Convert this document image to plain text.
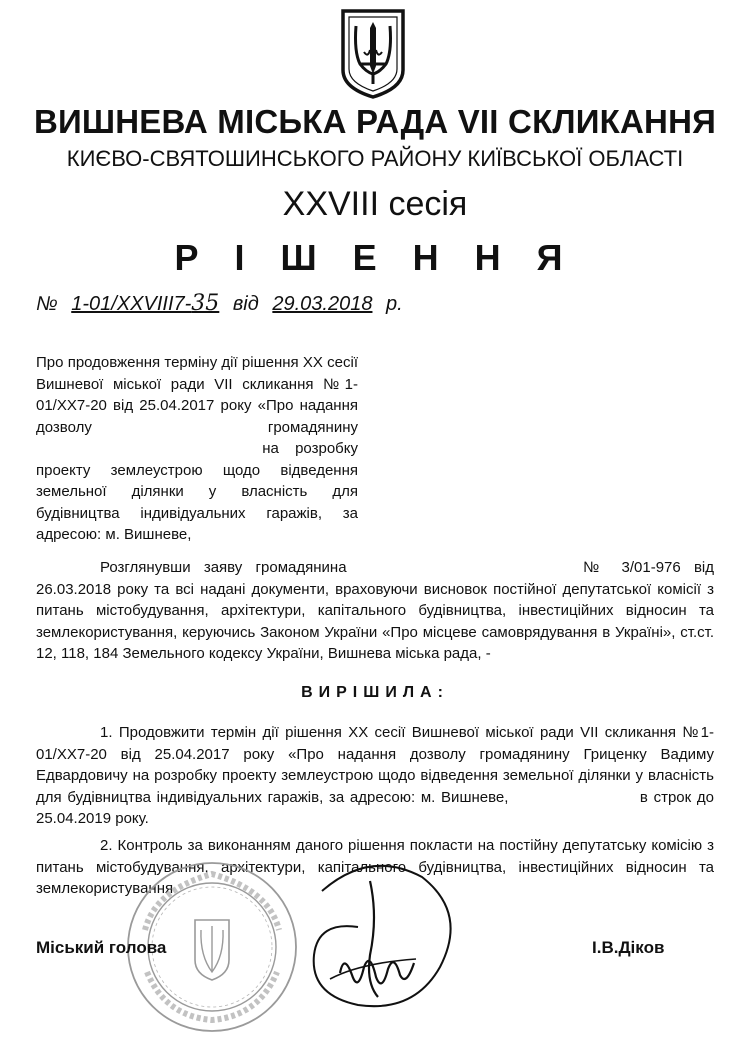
ВИШНЕВА МІСЬКА РАДА VII СКЛИКАННЯ
КИЄВО-СВЯТОШИНСЬКОГО РАЙОНУ КИЇВСЬКОЇ ОБЛАСТІ
XXVIII сесія
Р І Ш Е Н Н Я
№ 1-01/XXVIII7-35 від 29.03.2018 р.
Про продовження терміну дії рішення XX сесії Вишневої міської ради VII скликання №1-01/XX7-20 від 25.04.2017 року «Про надання дозволу громадянину  на розробку проекту землеустрою щодо відведення земельної ділянки у власність для будівництва індивідуальних гаражів, за адресою: м. Вишневе,
Розглянувши заяву громадянина	№ 3/01-976 від 26.03.2018 року та всі надані документи, враховуючи висновок постійної депутатської комісії з питань містобудування, архітектури, капітального будівництва, інвестиційних відносин та землекористування, керуючись Законом України «Про місцеве самоврядування в Україні», ст.ст. 12, 118, 184 Земельного кодексу України, Вишнева міська рада, -
ВИРІШИЛА:
1. Продовжити термін дії рішення XX сесії Вишневої міської ради VII скликання №1-01/XX7-20 від 25.04.2017 року «Про надання дозволу громадянину Гриценку Вадиму Едвардовичу на розробку проекту землеустрою щодо відведення земельної ділянки у власність для будівництва індивідуальних гаражів, за адресою: м. Вишневе,	в строк до 25.04.2019 року.
2. Контроль за виконанням даного рішення покласти на постійну депутатську комісію з питань містобудування, архітектури, капітального будівництва, інвестиційних відносин та землекористування.
Міський голова	І.В.Діков
